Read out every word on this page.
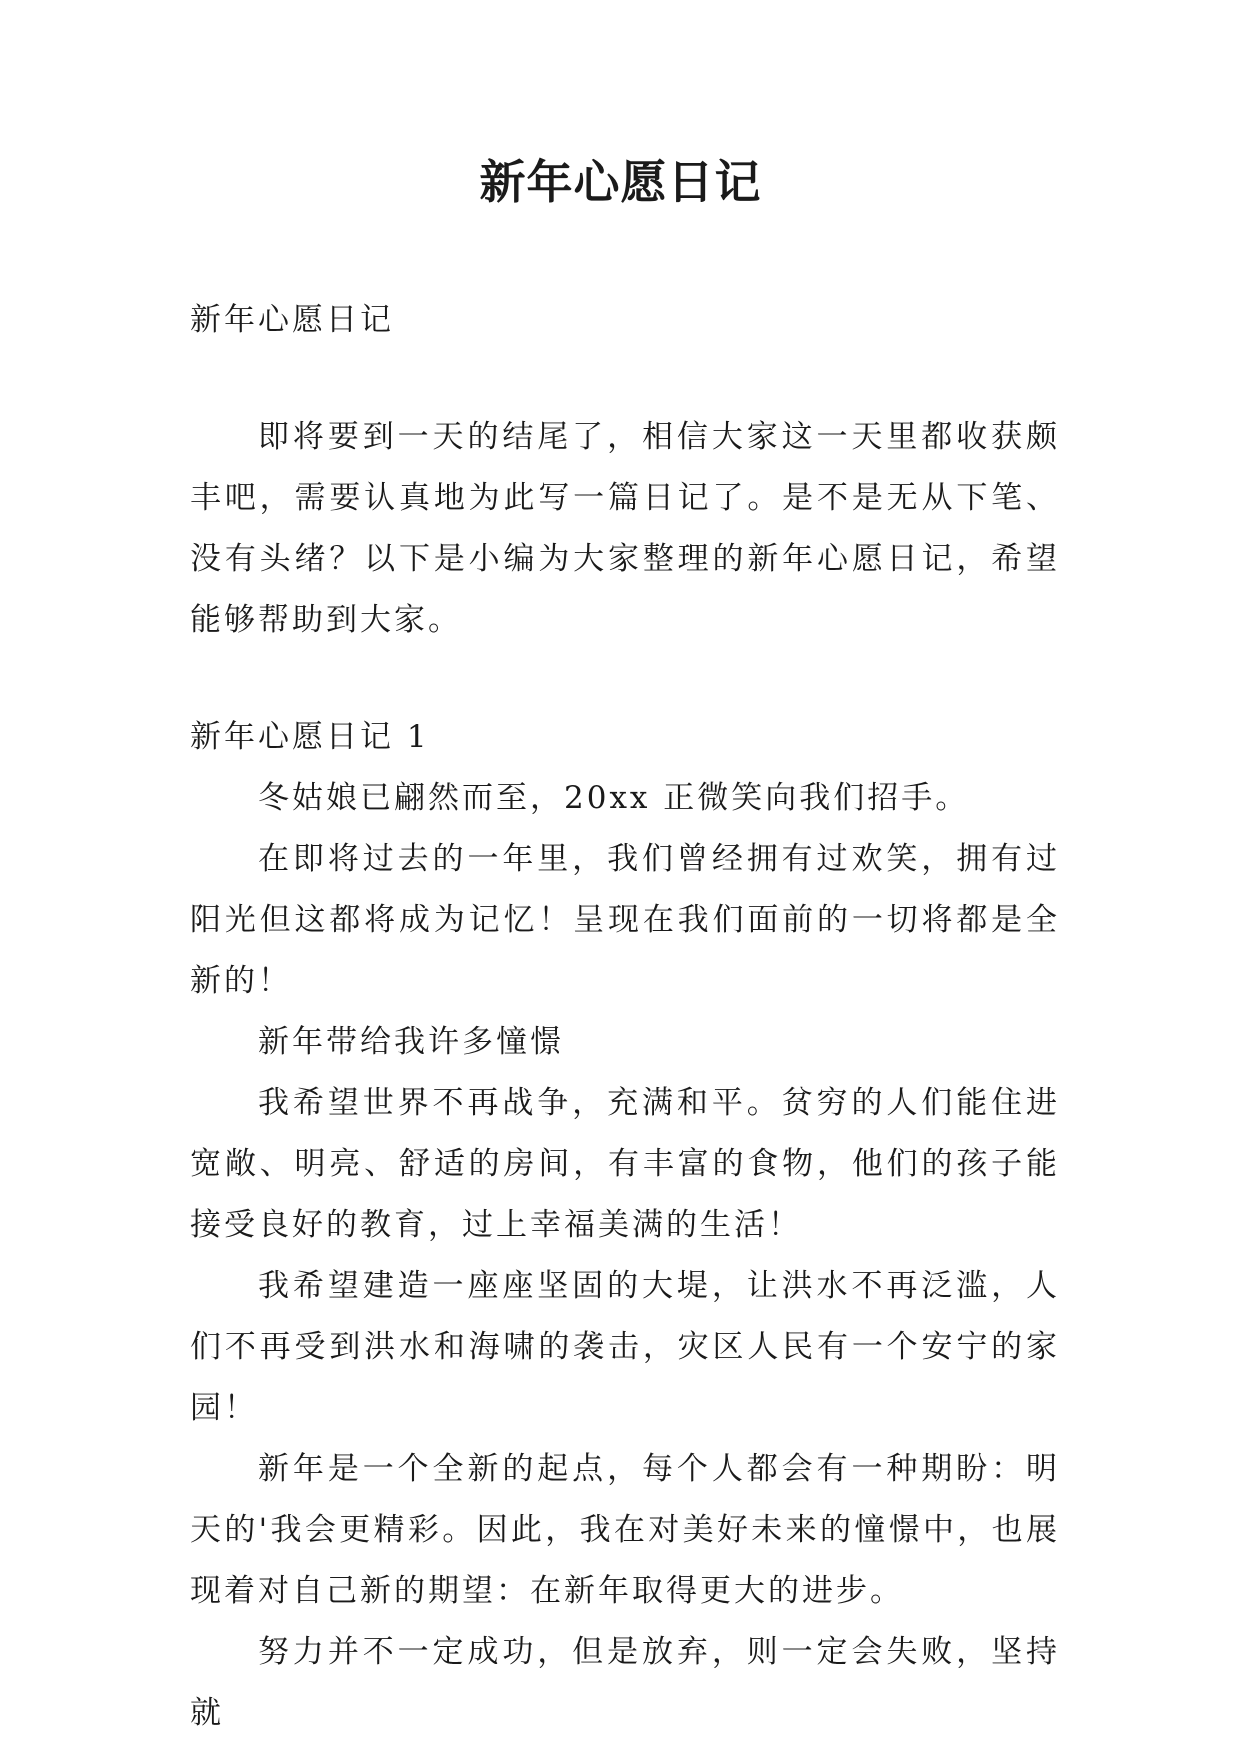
新年心愿日记

新年心愿日记

即将要到一天的结尾了，相信大家这一天里都收获颇丰吧，需要认真地为此写一篇日记了。是不是无从下笔、没有头绪？以下是小编为大家整理的新年心愿日记，希望能够帮助到大家。

新年心愿日记 1

冬姑娘已翩然而至，20xx 正微笑向我们招手。

在即将过去的一年里，我们曾经拥有过欢笑，拥有过阳光但这都将成为记忆！呈现在我们面前的一切将都是全新的！

新年带给我许多憧憬

我希望世界不再战争，充满和平。贫穷的人们能住进宽敞、明亮、舒适的房间，有丰富的食物，他们的孩子能接受良好的教育，过上幸福美满的生活！

我希望建造一座座坚固的大堤，让洪水不再泛滥，人们不再受到洪水和海啸的袭击，灾区人民有一个安宁的家园！

新年是一个全新的起点，每个人都会有一种期盼：明天的'我会更精彩。因此，我在对美好未来的憧憬中，也展现着对自己新的期望：在新年取得更大的进步。

努力并不一定成功，但是放弃，则一定会失败，坚持就
